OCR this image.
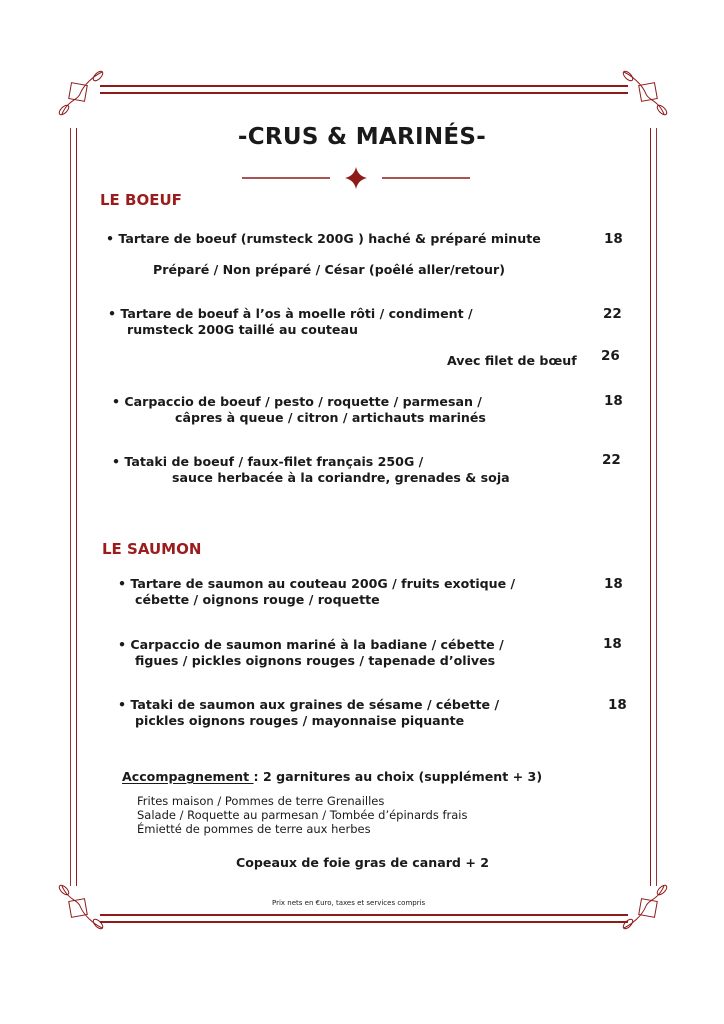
-CRUS & MARINÉS-
LE BOEUF
• Tartare de boeuf (rumsteck 200G ) haché & préparé minute	18
Préparé / Non préparé / César (poêlé aller/retour)
• Tartare de boeuf à l’os à moelle rôti / condiment /
rumsteck 200G taillé au couteau
22
Avec filet de bœuf 26
• Carpaccio de boeuf / pesto / roquette / parmesan /
câpres à queue / citron / artichauts marinés
18
• Tataki de boeuf / faux-filet français 250G /
sauce herbacée à la coriandre, grenades & soja
22
LE SAUMON
• Tartare de saumon au couteau 200G / fruits exotique /
cébette / oignons rouge / roquette
18
• Carpaccio de saumon mariné à la badiane / cébette /
figues / pickles oignons rouges / tapenade d’olives
18
• Tataki de saumon aux graines de sésame / cébette /
pickles oignons rouges / mayonnaise piquante
18
Accompagnement : 2 garnitures au choix (supplément + 3)
Frites maison / Pommes de terre Grenailles
Salade / Roquette au parmesan / Tombée d’épinards frais
Émietté de pommes de terre aux herbes
Copeaux de foie gras de canard + 2
Prix nets en €uro, taxes et services compris
